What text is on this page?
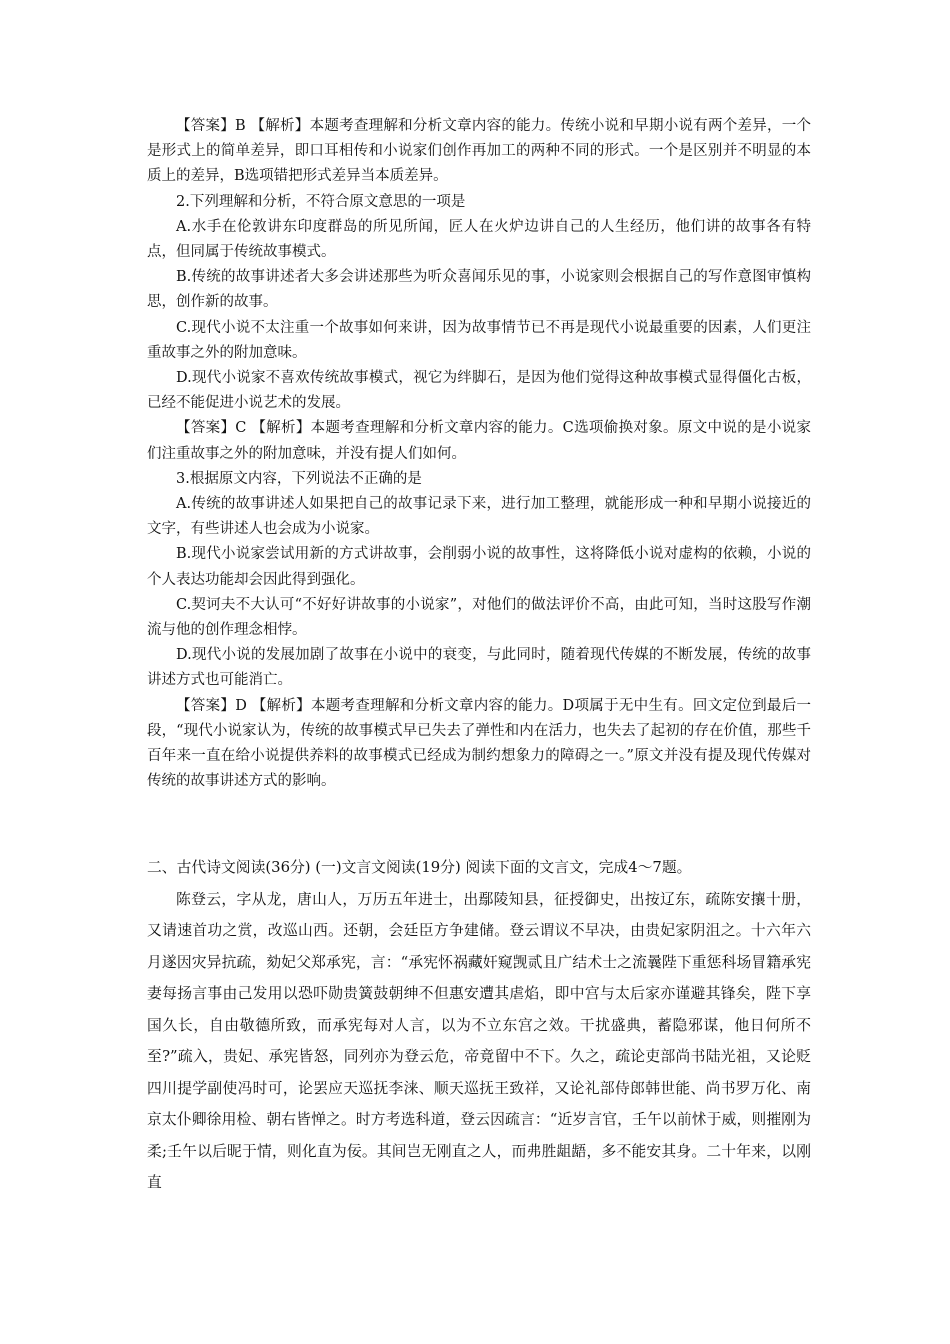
【答案】B 【解析】本题考查理解和分析文章内容的能力。传统小说和早期小说有两个差异，一个是形式上的简单差异，即口耳相传和小说家们创作再加工的两种不同的形式。一个是区别并不明显的本质上的差异，B选项错把形式差异当本质差异。

2.下列理解和分析，不符合原文意思的一项是

A.水手在伦敦讲东印度群岛的所见所闻，匠人在火炉边讲自己的人生经历，他们讲的故事各有特点，但同属于传统故事模式。

B.传统的故事讲述者大多会讲述那些为听众喜闻乐见的事，小说家则会根据自己的写作意图审慎构思，创作新的故事。

C.现代小说不太注重一个故事如何来讲，因为故事情节已不再是现代小说最重要的因素，人们更注重故事之外的附加意味。

D.现代小说家不喜欢传统故事模式，视它为绊脚石，是因为他们觉得这种故事模式显得僵化古板，已经不能促进小说艺术的发展。

【答案】C 【解析】本题考查理解和分析文章内容的能力。C选项偷换对象。原文中说的是小说家们注重故事之外的附加意味，并没有提人们如何。

3.根据原文内容，下列说法不正确的是

A.传统的故事讲述人如果把自己的故事记录下来，进行加工整理，就能形成一种和早期小说接近的文字，有些讲述人也会成为小说家。

B.现代小说家尝试用新的方式讲故事，会削弱小说的故事性，这将降低小说对虚构的依赖，小说的个人表达功能却会因此得到强化。

C.契诃夫不大认可“不好好讲故事的小说家”，对他们的做法评价不高，由此可知，当时这股写作潮流与他的创作理念相悖。

D.现代小说的发展加剧了故事在小说中的衰变，与此同时，随着现代传媒的不断发展，传统的故事讲述方式也可能消亡。

【答案】D 【解析】本题考查理解和分析文章内容的能力。D项属于无中生有。回文定位到最后一段，“现代小说家认为，传统的故事模式早已失去了弹性和内在活力，也失去了起初的存在价值，那些千百年来一直在给小说提供养料的故事模式已经成为制约想象力的障碍之一。”原文并没有提及现代传媒对传统的故事讲述方式的影响。

二、古代诗文阅读(36分) (一)文言文阅读(19分) 阅读下面的文言文，完成4～7题。

陈登云，字从龙，唐山人，万历五年进士，出鄢陵知县，征授御史，出按辽东，疏陈安攘十册，又请速首功之赏，改巡山西。还朝，会廷臣方争建储。登云谓议不早决，由贵妃家阴沮之。十六年六月遂因灾异抗疏，劾妃父郑承宪，言：“承宪怀祸藏奸窥觊贰且广结术士之流曩陛下重惩科场冒籍承宪妻每扬言事由己发用以恐吓勋贵簧鼓朝绅不但惠安遭其虐焰，即中宫与太后家亦谨避其锋矣，陛下享国久长，自由敬德所致，而承宪每对人言，以为不立东宫之效。干扰盛典，蓄隐邪谋，他日何所不至?”疏入，贵妃、承宪皆怒，同列亦为登云危，帝竟留中不下。久之，疏论吏部尚书陆光祖，又论贬四川提学副使冯时可，论罢应天巡抚李涞、顺天巡抚王致祥，又论礼部侍郎韩世能、尚书罗万化、南京太仆卿徐用检、朝右皆惮之。时方考选科道，登云因疏言：“近岁言官，壬午以前怵于威，则摧刚为柔;壬午以后昵于情，则化直为佞。其间岂无刚直之人，而弗胜龃龉，多不能安其身。二十年来，以刚直
